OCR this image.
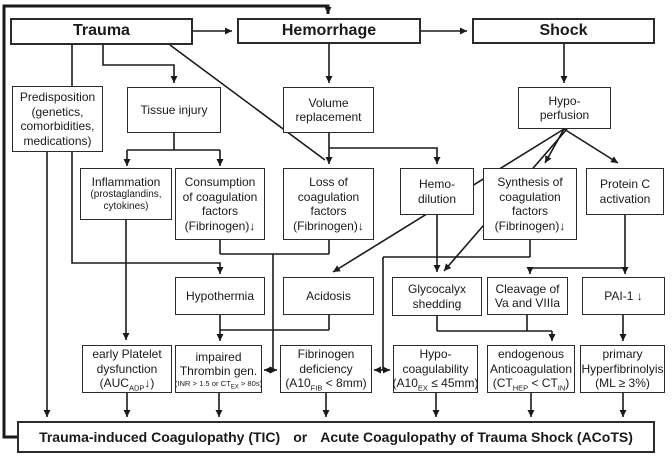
Trauma	Hemorrhage	Shock
Predisposition
(genetics,
comorbidities,
medications)
Tissue injury
Volume
replacement
Hypo-
perfusion
Inflammation
(prostaglandins,
cytokines)
Consumption
of coagulation
factors
(Fibrinogen)↓
Loss of
coagulation
factors
(Fibrinogen)↓
Hemo-
dilution
Synthesis of
coagulation
factors
(Fibrinogen)↓
Protein C
activation
Hypothermia	Acidosis	Glycocalyx
shedding
Cleavage of
Va and VIIIa
PAI-1 ↓
early Platelet
dysfunction
$(AUC_{ADP}↓)$
impaired
Thrombin gen.
(INR > 1.5 or $CT_{EX} > 80s$)
Fibrinogen
deficiency
$(A10_{FIB} < 8mm)$
Hypo-
coagulability
$(A10_{EX} \le 45mm)$
endogenous
Anticoagulation
$(CT_{HEP} < CT_{IN})$
primary
Hyperfibrinolyis
(ML ≥ 3%)
Trauma-induced Coagulopathy (TIC) or Acute Coagulopathy of Trauma Shock (ACoTS)
